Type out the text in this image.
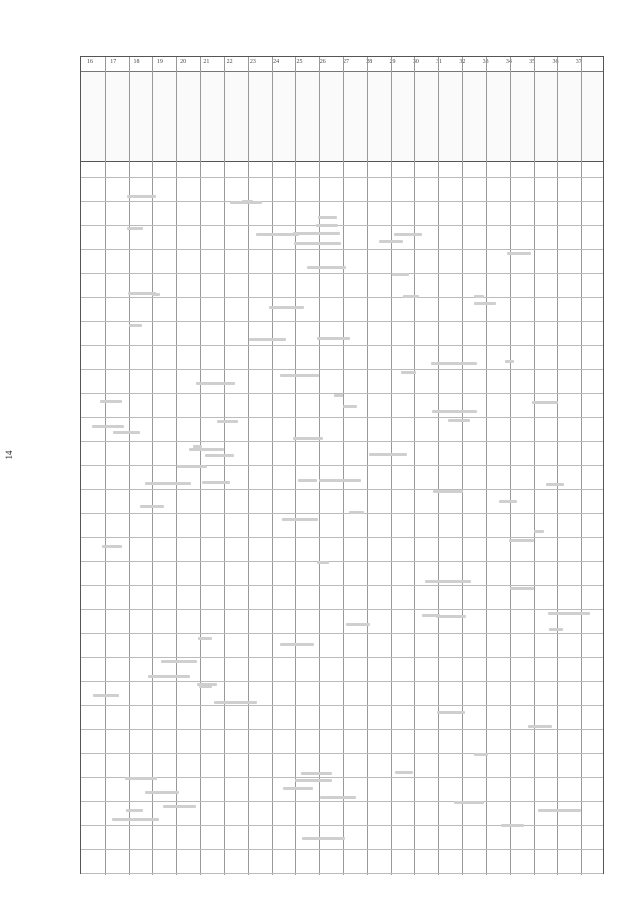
14
16	17	18	19	20	21	22	23	24	25	26	27	28	29	30	31	32	33	34	35	36	37
